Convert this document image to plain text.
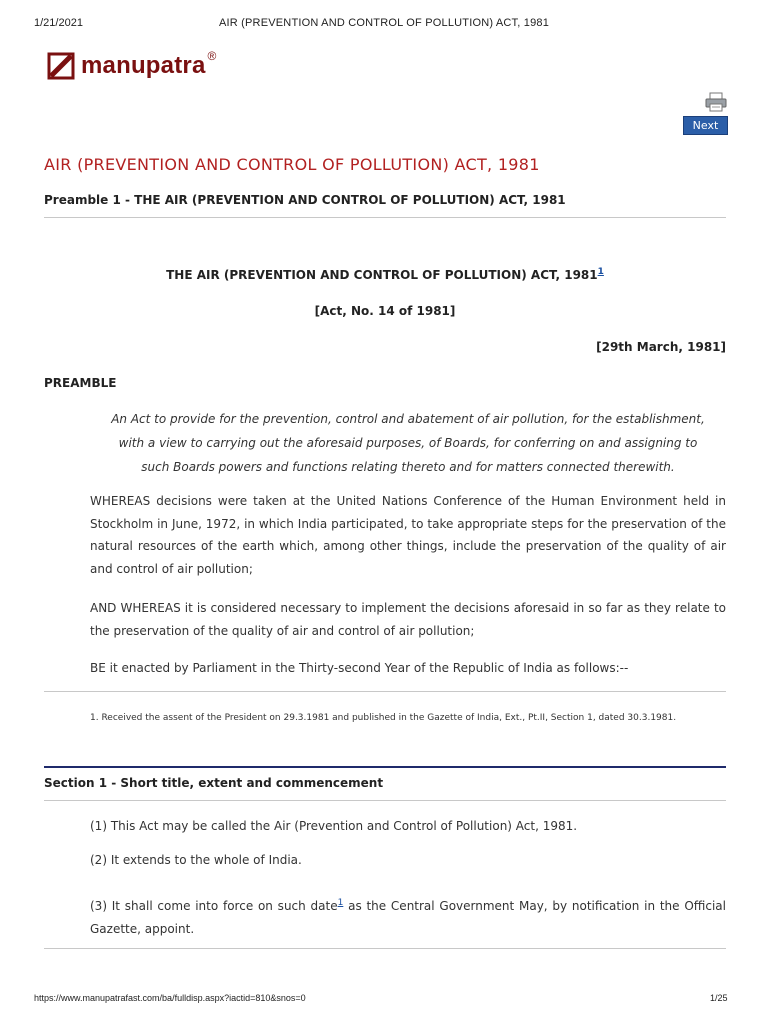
1/21/2021	AIR (PREVENTION AND CONTROL OF POLLUTION) ACT, 1981
manupatra ®
Next
AIR (PREVENTION AND CONTROL OF POLLUTION) ACT, 1981
Preamble 1 - THE AIR (PREVENTION AND CONTROL OF POLLUTION) ACT, 1981
THE AIR (PREVENTION AND CONTROL OF POLLUTION) ACT, 1981$^1$
[Act, No. 14 of 1981]
[29th March, 1981]
PREAMBLE
An Act to provide for the prevention, control and abatement of air pollution, for the establishment,
with a view to carrying out the aforesaid purposes, of Boards, for conferring on and assigning to
such Boards powers and functions relating thereto and for matters connected therewith.
WHEREAS decisions were taken at the United Nations Conference of the Human Environment held in Stockholm in June, 1972, in which India participated, to take appropriate steps for the preservation of the natural resources of the earth which, among other things, include the preservation of the quality of air and control of air pollution;
AND WHEREAS it is considered necessary to implement the decisions aforesaid in so far as they relate to the preservation of the quality of air and control of air pollution;
BE it enacted by Parliament in the Thirty-second Year of the Republic of India as follows:--
1. Received the assent of the President on 29.3.1981 and published in the Gazette of India, Ext., Pt.II, Section 1, dated 30.3.1981.
Section 1 - Short title, extent and commencement
(1) This Act may be called the Air (Prevention and Control of Pollution) Act, 1981.
(2) It extends to the whole of India.
(3) It shall come into force on such date$^1$ as the Central Government May, by notification in the Official Gazette, appoint.
https://www.manupatrafast.com/ba/fulldisp.aspx?iactid=810&snos=0	1/25
